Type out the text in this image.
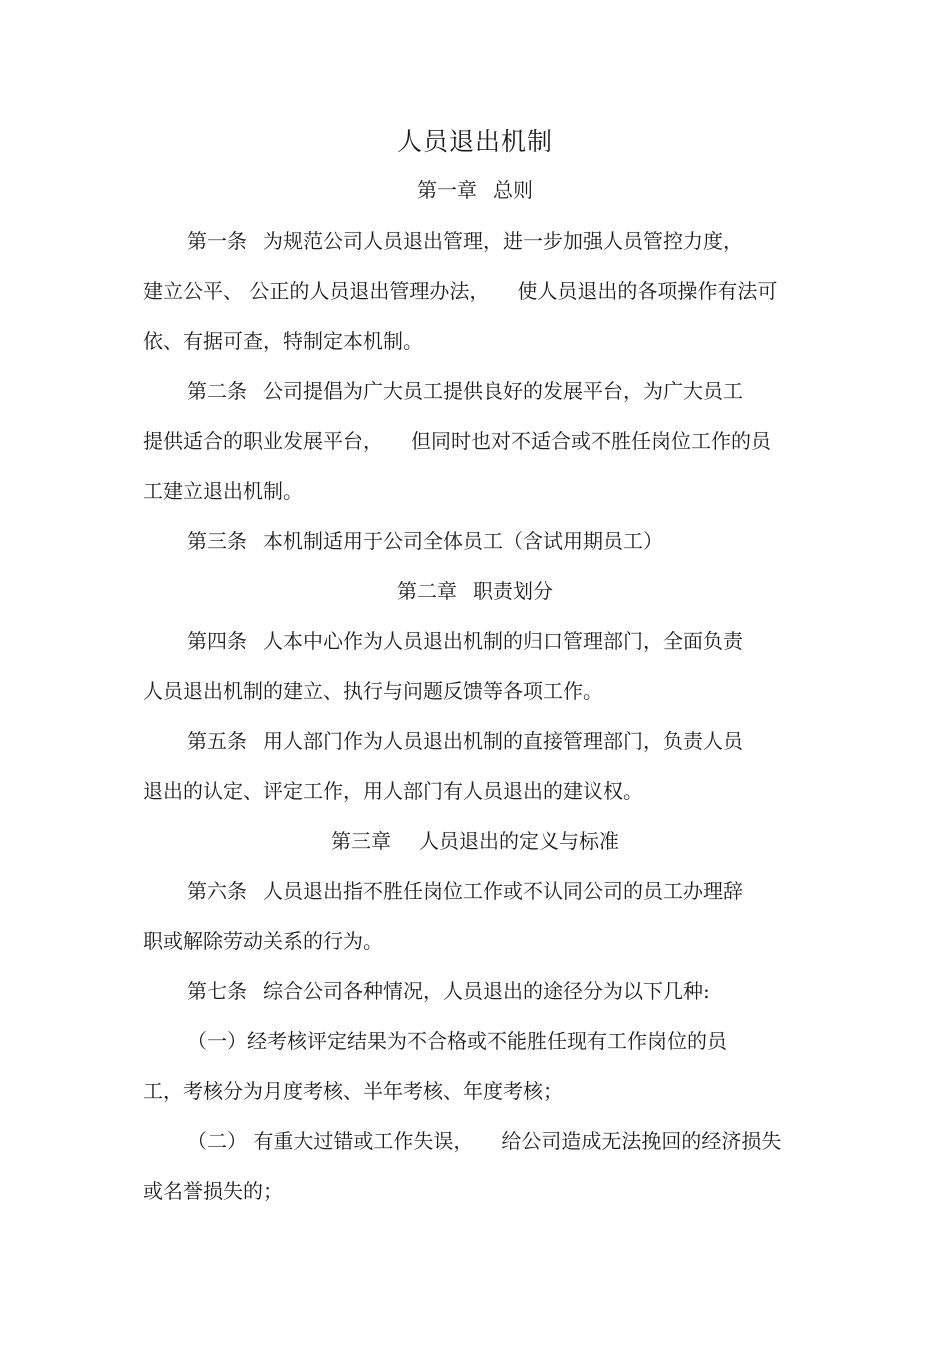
人员退出机制
第一章 总则
第一条 为规范公司人员退出管理，进一步加强人员管控力度，
建立公平、 公正的人员退出管理办法， 使人员退出的各项操作有法可
依、有据可查，特制定本机制。
第二条 公司提倡为广大员工提供良好的发展平台，为广大员工
提供适合的职业发展平台， 但同时也对不适合或不胜任岗位工作的员
工建立退出机制。
第三条 本机制适用于公司全体员工（含试用期员工）
第二章 职责划分
第四条 人本中心作为人员退出机制的归口管理部门，全面负责
人员退出机制的建立、执行与问题反馈等各项工作。
第五条 用人部门作为人员退出机制的直接管理部门，负责人员
退出的认定、评定工作，用人部门有人员退出的建议权。
第三章 人员退出的定义与标准
第六条 人员退出指不胜任岗位工作或不认同公司的员工办理辞
职或解除劳动关系的行为。
第七条 综合公司各种情况，人员退出的途径分为以下几种:
（一）经考核评定结果为不合格或不能胜任现有工作岗位的员
工，考核分为月度考核、半年考核、年度考核；
（二） 有重大过错或工作失误， 给公司造成无法挽回的经济损失
或名誉损失的；
